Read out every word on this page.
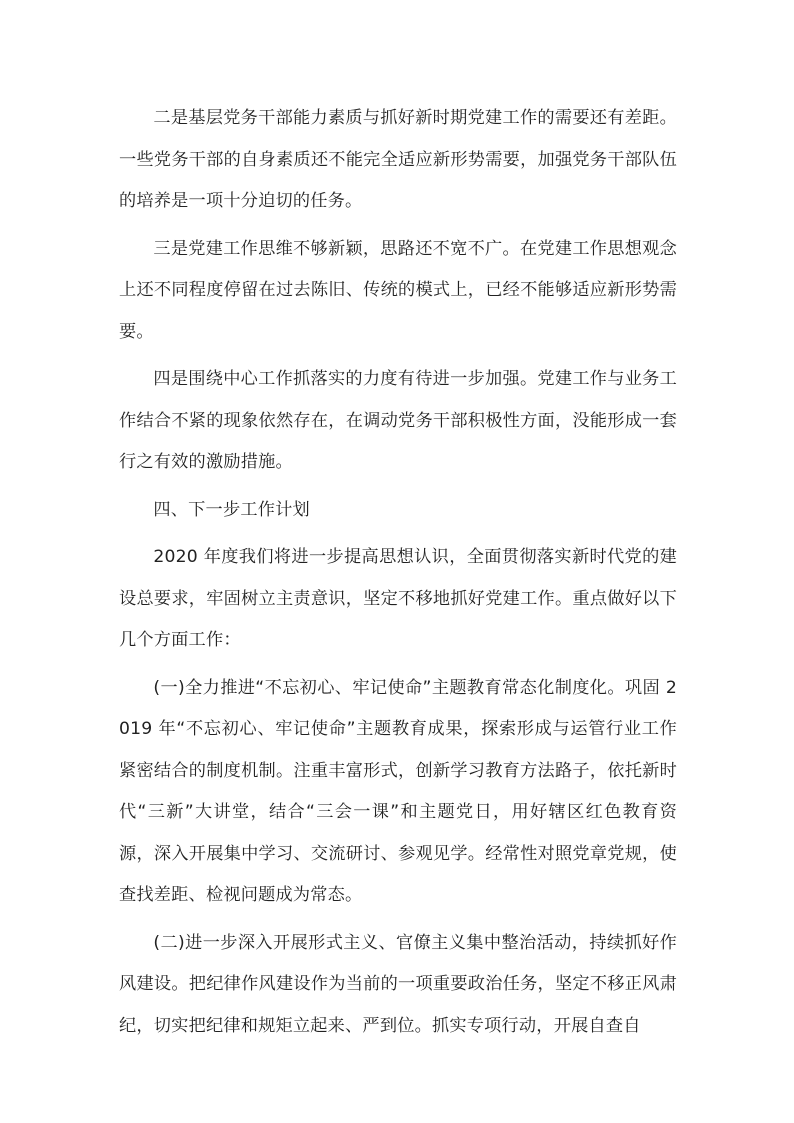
二是基层党务干部能力素质与抓好新时期党建工作的需要还有差距。一些党务干部的自身素质还不能完全适应新形势需要，加强党务干部队伍的培养是一项十分迫切的任务。

三是党建工作思维不够新颖，思路还不宽不广。在党建工作思想观念上还不同程度停留在过去陈旧、传统的模式上，已经不能够适应新形势需要。

四是围绕中心工作抓落实的力度有待进一步加强。党建工作与业务工作结合不紧的现象依然存在，在调动党务干部积极性方面，没能形成一套行之有效的激励措施。

四、下一步工作计划

2020 年度我们将进一步提高思想认识，全面贯彻落实新时代党的建设总要求，牢固树立主责意识，坚定不移地抓好党建工作。重点做好以下几个方面工作：

(一)全力推进“不忘初心、牢记使命”主题教育常态化制度化。巩固 2019 年“不忘初心、牢记使命”主题教育成果，探索形成与运管行业工作紧密结合的制度机制。注重丰富形式，创新学习教育方法路子，依托新时代“三新”大讲堂，结合“三会一课”和主题党日，用好辖区红色教育资源，深入开展集中学习、交流研讨、参观见学。经常性对照党章党规，使查找差距、检视问题成为常态。

(二)进一步深入开展形式主义、官僚主义集中整治活动，持续抓好作风建设。把纪律作风建设作为当前的一项重要政治任务，坚定不移正风肃纪，切实把纪律和规矩立起来、严到位。抓实专项行动，开展自查自
